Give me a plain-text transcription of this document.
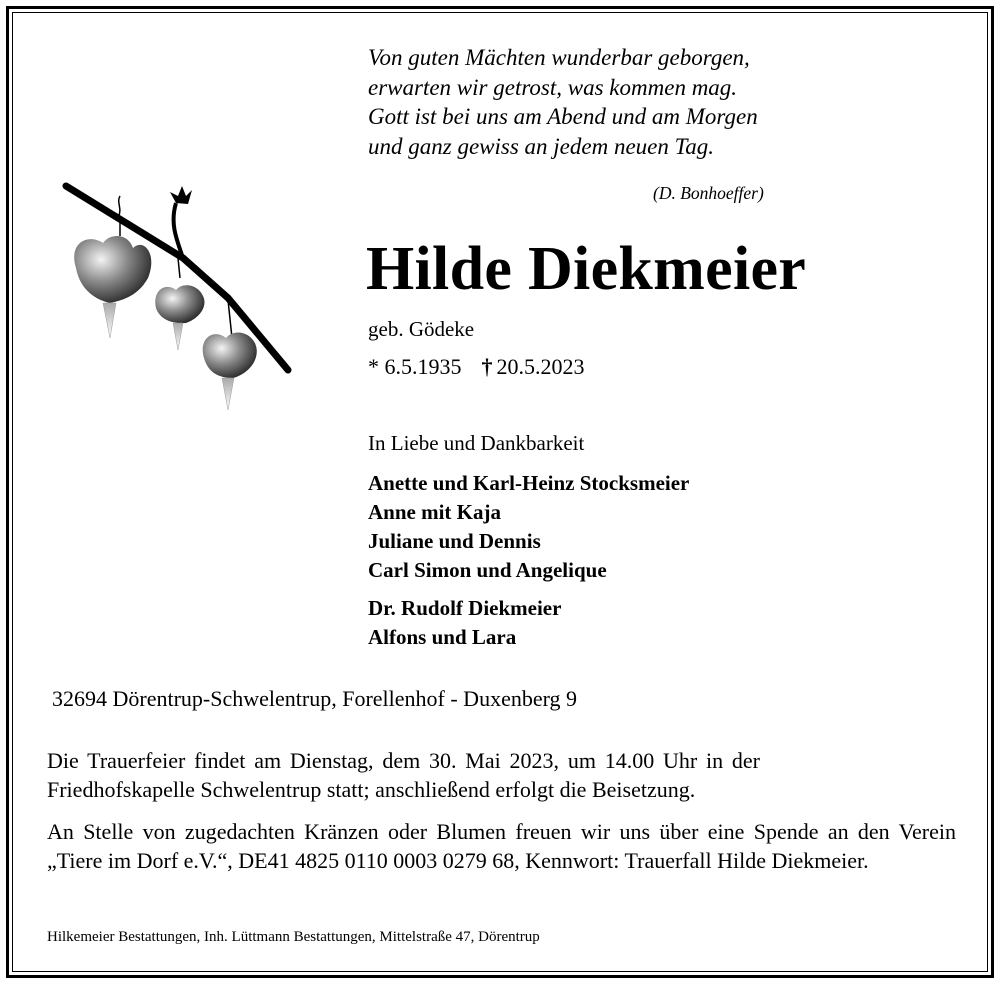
Von guten Mächten wunderbar geborgen,
erwarten wir getrost, was kommen mag.
Gott ist bei uns am Abend und am Morgen
und ganz gewiss an jedem neuen Tag.
(D. Bonhoeffer)
Hilde Diekmeier
geb. Gödeke
* 6.5.1935 † 20.5.2023
In Liebe und Dankbarkeit
Anette und Karl-Heinz Stocksmeier
Anne mit Kaja
Juliane und Dennis
Carl Simon und Angelique
Dr. Rudolf Diekmeier
Alfons und Lara
32694 Dörentrup-Schwelentrup, Forellenhof - Duxenberg 9
Die Trauerfeier findet am Dienstag, dem 30. Mai 2023, um 14.00 Uhr in der Friedhofskapelle Schwelentrup statt; anschließend erfolgt die Beisetzung.
An Stelle von zugedachten Kränzen oder Blumen freuen wir uns über eine Spende an den Verein „Tiere im Dorf e.V.“, DE41 4825 0110 0003 0279 68, Kennwort: Trauerfall Hilde Diekmeier.
Hilkemeier Bestattungen, Inh. Lüttmann Bestattungen, Mittelstraße 47, Dörentrup
